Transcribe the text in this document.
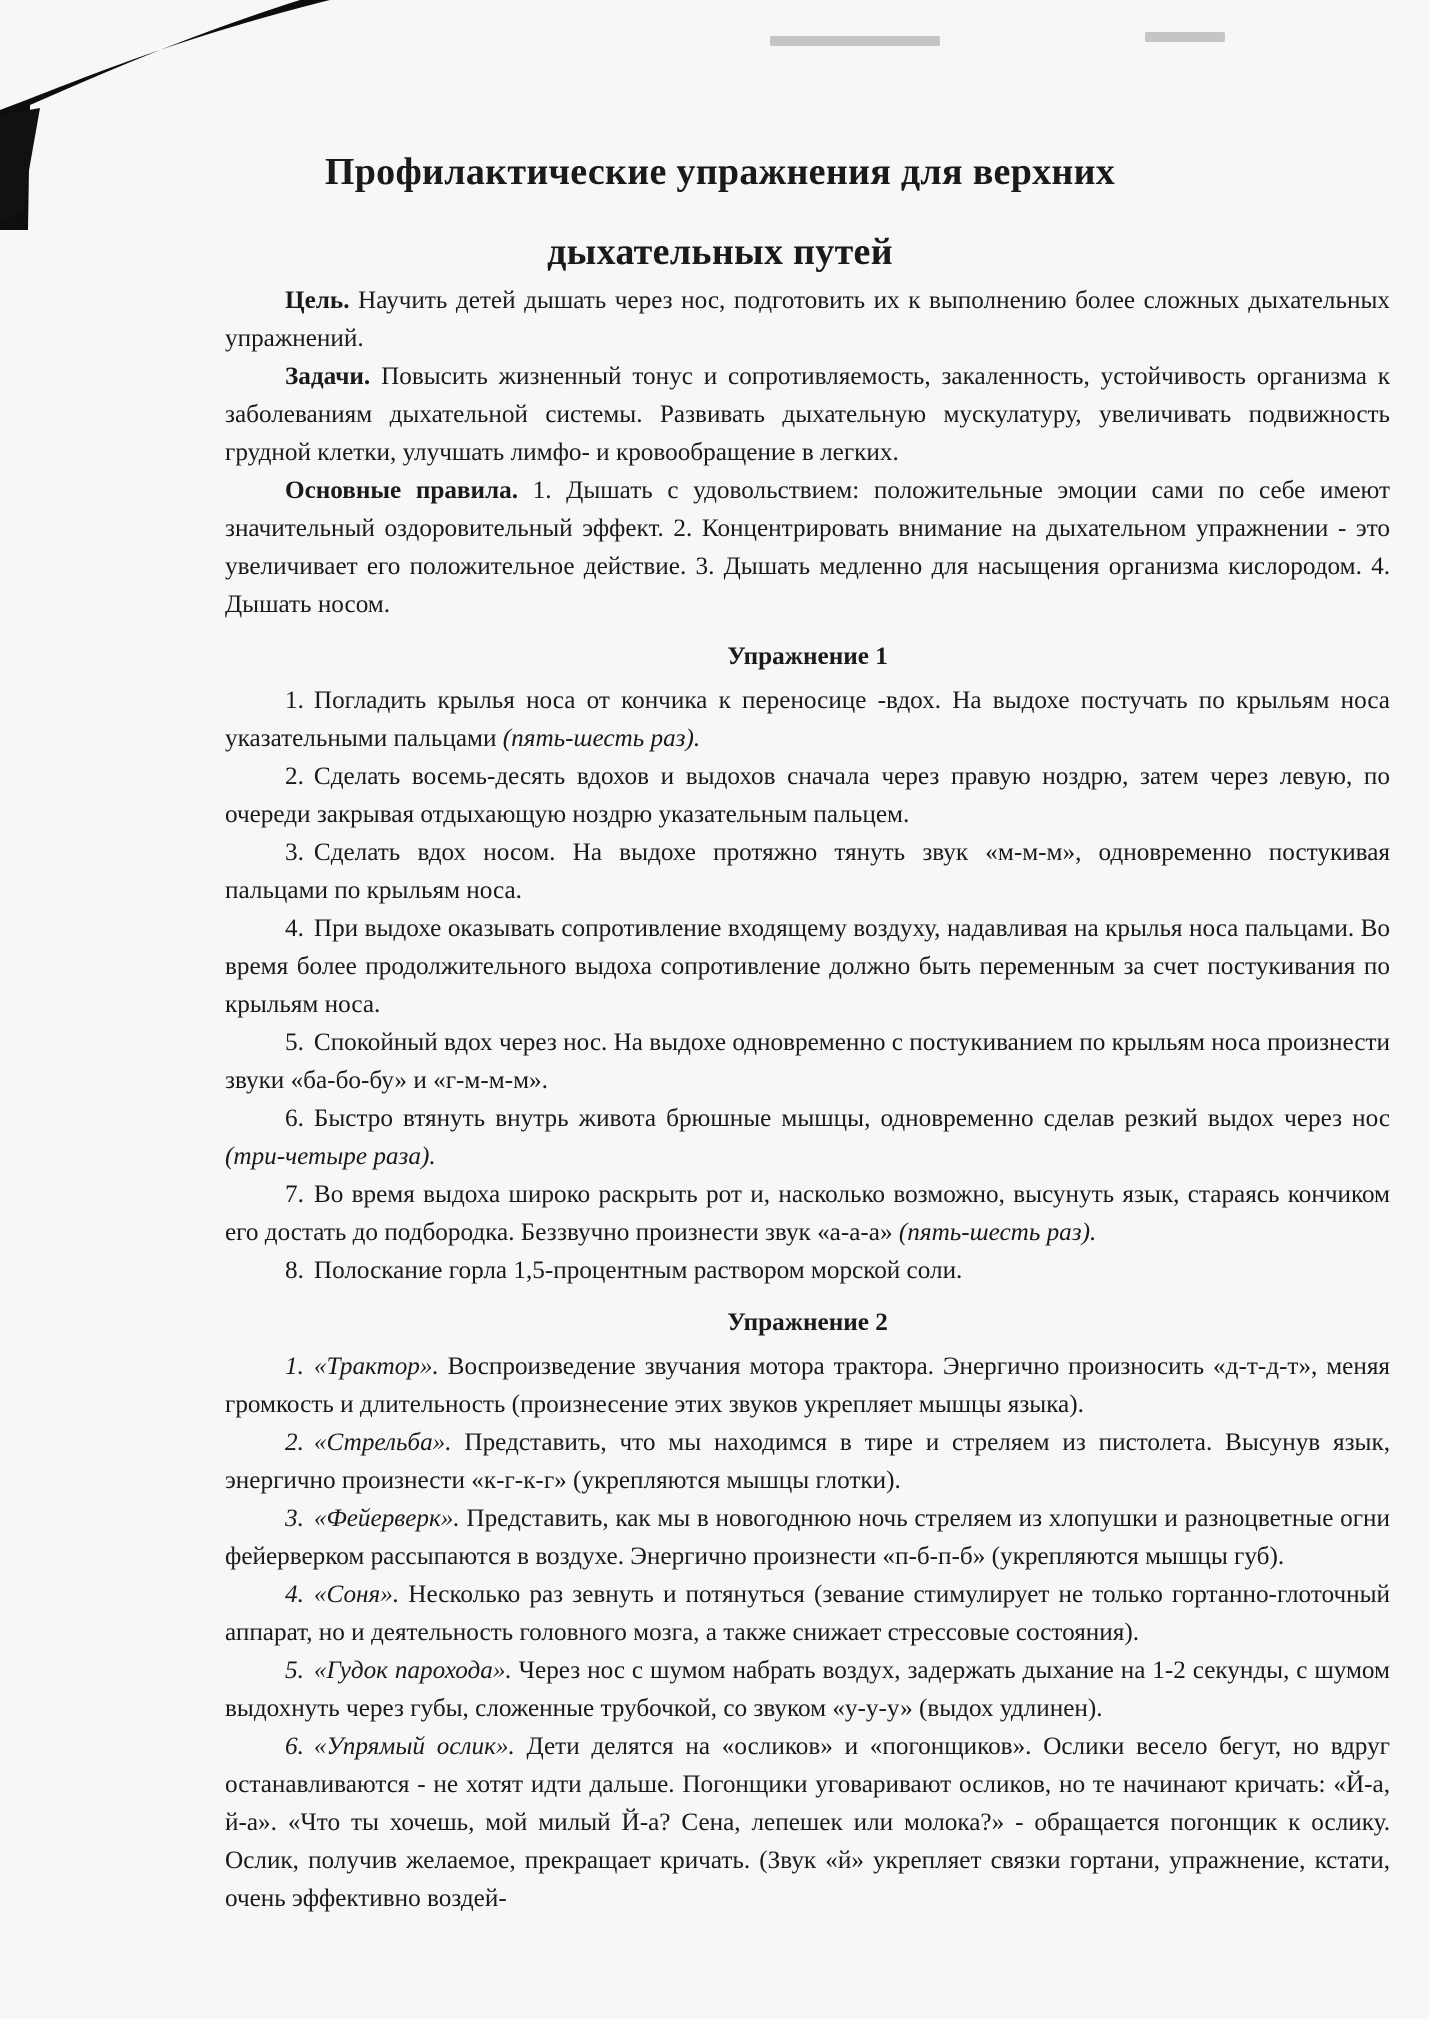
Профилактические упражнения для верхних
дыхательных путей

Цель. Научить детей дышать через нос, подготовить их к выполнению более сложных дыхательных упражнений.

Задачи. Повысить жизненный тонус и сопротивляемость, закаленность, устойчивость организма к заболеваниям дыхательной системы. Развивать дыхательную мускулатуру, увеличивать подвижность грудной клетки, улучшать лимфо- и кровообращение в легких.

Основные правила. 1. Дышать с удовольствием: положительные эмоции сами по себе имеют значительный оздоровительный эффект. 2. Концентрировать внимание на дыхательном упражнении - это увеличивает его положительное действие. 3. Дышать медленно для насыщения организма кислородом. 4. Дышать носом.

Упражнение 1

1. Погладить крылья носа от кончика к переносице -вдох. На выдохе постучать по крыльям носа указательными пальцами (пять-шесть раз).

2. Сделать восемь-десять вдохов и выдохов сначала через правую ноздрю, затем через левую, по очереди закрывая отдыхающую ноздрю указательным пальцем.

3. Сделать вдох носом. На выдохе протяжно тянуть звук «м-м-м», одновременно постукивая пальцами по крыльям носа.

4. При выдохе оказывать сопротивление входящему воздуху, надавливая на крылья носа пальцами. Во время более продолжительного выдоха сопротивление должно быть переменным за счет постукивания по крыльям носа.

5. Спокойный вдох через нос. На выдохе одновременно с постукиванием по крыльям носа произнести звуки «ба-бо-бу» и «г-м-м-м».

6. Быстро втянуть внутрь живота брюшные мышцы, одновременно сделав резкий выдох через нос (три-четыре раза).

7. Во время выдоха широко раскрыть рот и, насколько возможно, высунуть язык, стараясь кончиком его достать до подбородка. Беззвучно произнести звук «а-а-а» (пять-шесть раз).

8. Полоскание горла 1,5-процентным раствором морской соли.

Упражнение 2

1. «Трактор». Воспроизведение звучания мотора трактора. Энергично произносить «д-т-д-т», меняя громкость и длительность (произнесение этих звуков укрепляет мышцы языка).

2. «Стрельба». Представить, что мы находимся в тире и стреляем из пистолета. Высунув язык, энергично произнести «к-г-к-г» (укрепляются мышцы глотки).

3. «Фейерверк». Представить, как мы в новогоднюю ночь стреляем из хлопушки и разноцветные огни фейерверком рассыпаются в воздухе. Энергично произнести «п-б-п-б» (укрепляются мышцы губ).

4. «Соня». Несколько раз зевнуть и потянуться (зевание стимулирует не только гортанно-глоточный аппарат, но и деятельность головного мозга, а также снижает стрессовые состояния).

5. «Гудок парохода». Через нос с шумом набрать воздух, задержать дыхание на 1-2 секунды, с шумом выдохнуть через губы, сложенные трубочкой, со звуком «у-у-у» (выдох удлинен).

6. «Упрямый ослик». Дети делятся на «осликов» и «погонщиков». Ослики весело бегут, но вдруг останавливаются - не хотят идти дальше. Погонщики уговаривают осликов, но те начинают кричать: «Й-а, й-а». «Что ты хочешь, мой милый Й-а? Сена, лепешек или молока?» - обращается погонщик к ослику. Ослик, получив желаемое, прекращает кричать. (Звук «й» укрепляет связки гортани, упражнение, кстати, очень эффективно воздей-
